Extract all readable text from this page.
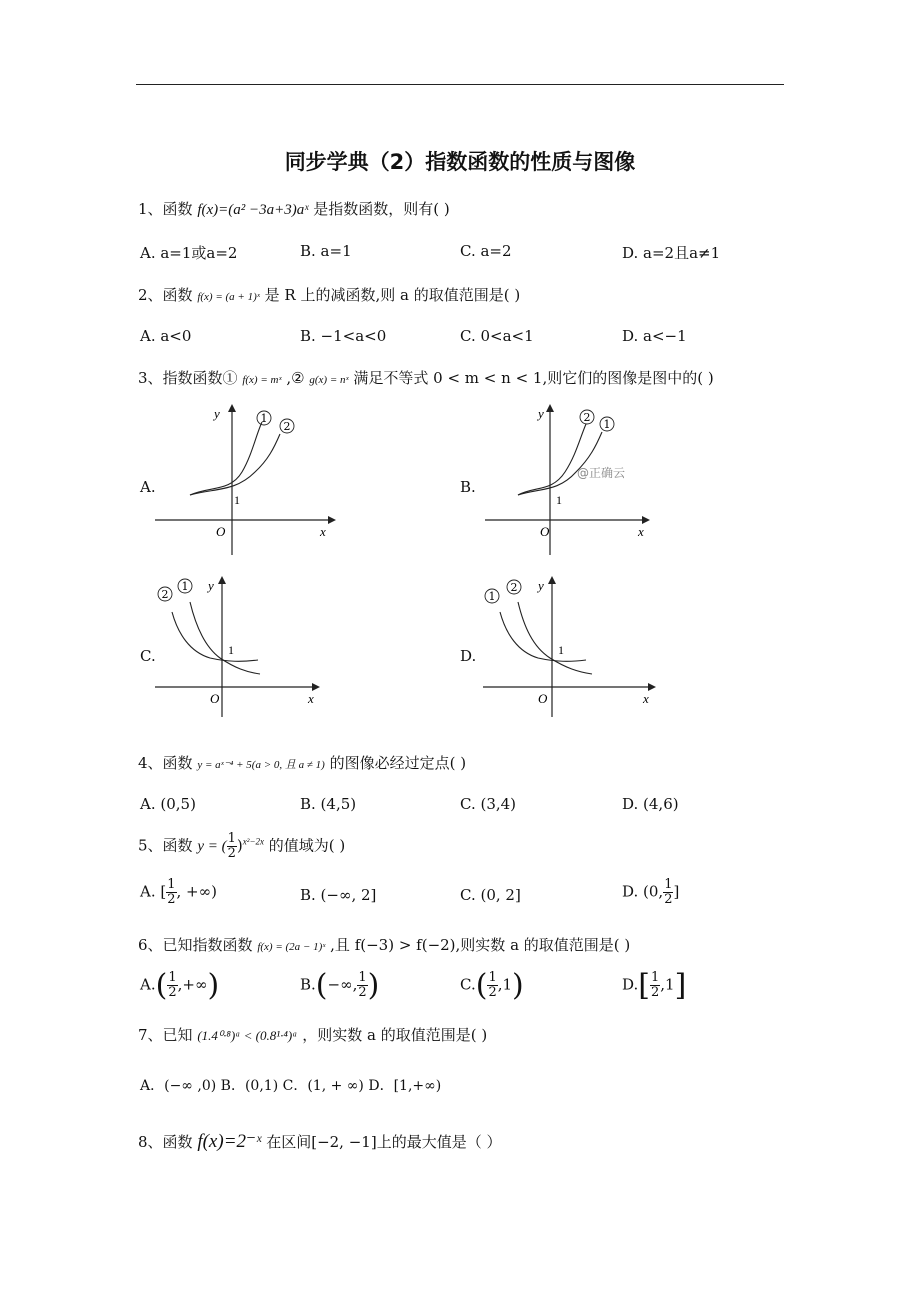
同步学典（2）指数函数的性质与图像
1、函数 f(x)=(a² −3a+3)aˣ 是指数函数，则有( )
A. a=1或a=2	B. a=1	C. a=2	D. a=2且a≠1
2、函数 f(x) = (a + 1)ˣ 是 R 上的减函数,则 a 的取值范围是( )
A. a<0	B. −1<a<0	C. 0<a<1	D. a<−1
3、指数函数① f(x) = mˣ ,② g(x) = nˣ 满足不等式 0 < m < n < 1,则它们的图像是图中的( )
A.
1
2
1
O	x
y
B.
2
1
1
O	x
y
@正确云
C.
2
1
1
O	x
y
D.
1
2
1
O	x
y
4、函数 y = aˣ⁻⁴ + 5(a > 0, 且 a ≠ 1) 的图像必经过定点( )
A. (0,5)	B. (4,5)	C. (3,4)	D. (4,6)
5、函数 y = ( $\frac{1}{2} )^{x^2-2x}$ 的值域为( )
A. [ $\frac{1}{2}$ , +∞)	B. (−∞, 2]	C. (0, 2]	D. (0, $\frac{1}{2}$ ]
6、已知指数函数 f(x) = (2a − 1)ˣ ,且 f(−3) > f(−2),则实数 a 的取值范围是( )
$A.( \frac{1}{2}$ ,+∞)	B.(−∞, $\frac{1}{2}$ )	$C.( \frac{1}{2} ,1)$	$D.[ \frac{1}{2} ,1]$
7、已知 (1.4⁰·⁸)ᵃ < (0.8¹·⁴)ᵃ ，则实数 a 的取值范围是( )
A．(−∞ ,0) B．(0,1) C．(1, + ∞) D．[1,+∞)
8、函数 f(x)=2⁻ˣ 在区间[−2, −1]上的最大值是（ ）
